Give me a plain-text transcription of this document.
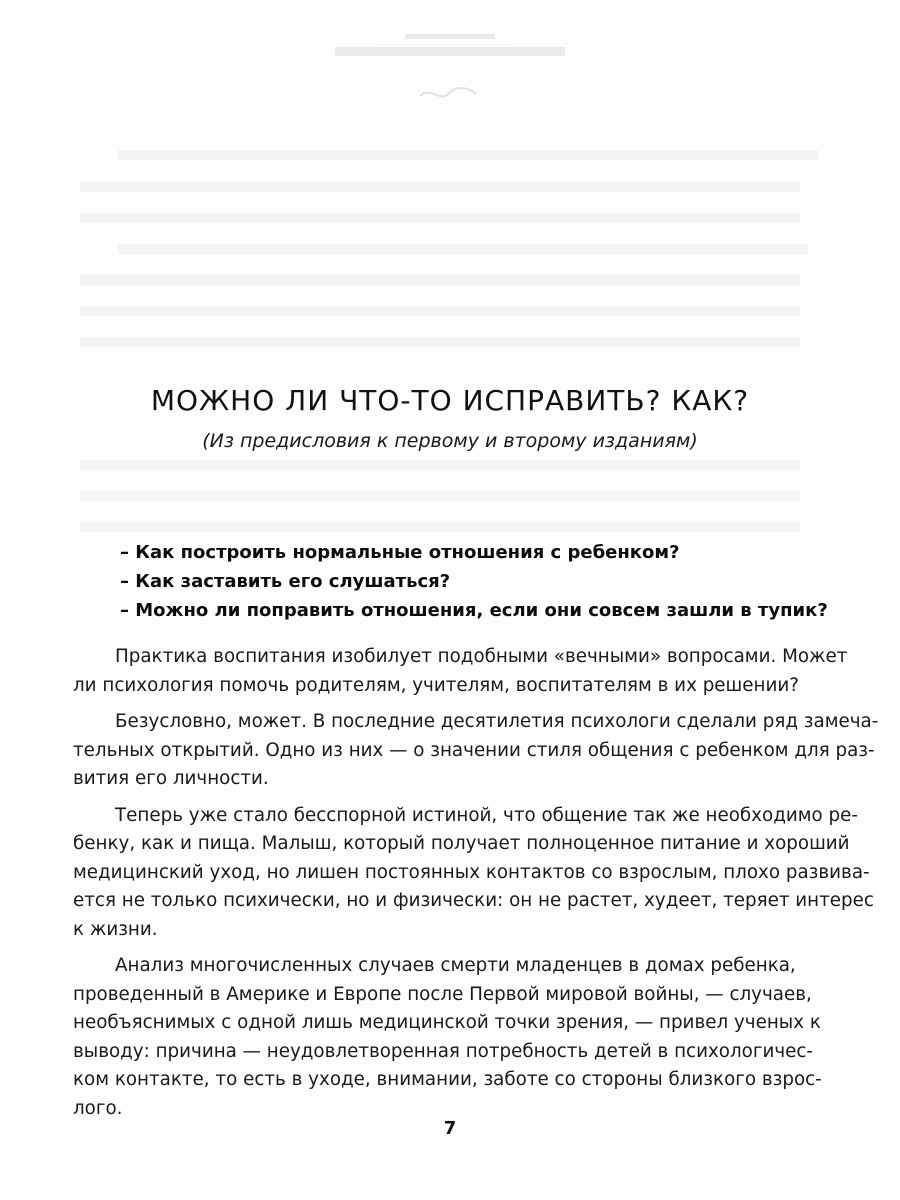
МОЖНО ЛИ ЧТО-ТО ИСПРАВИТЬ? КАК?
(Из предисловия к первому и второму изданиям)
– Как построить нормальные отношения с ребенком?
– Как заставить его слушаться?
– Можно ли поправить отношения, если они совсем зашли в тупик?
Практика воспитания изобилует подобными «вечными» вопросами. Может
ли психология помочь родителям, учителям, воспитателям в их решении?
Безусловно, может. В последние десятилетия психологи сделали ряд замеча-
тельных открытий. Одно из них — о значении стиля общения с ребенком для раз-
вития его личности.
Теперь уже стало бесспорной истиной, что общение так же необходимо ре-
бенку, как и пища. Малыш, который получает полноценное питание и хороший
медицинский уход, но лишен постоянных контактов со взрослым, плохо развива-
ется не только психически, но и физически: он не растет, худеет, теряет интерес
к жизни.
Анализ многочисленных случаев смерти младенцев в домах ребенка,
проведенный в Америке и Европе после Первой мировой войны, — случаев,
необъяснимых с одной лишь медицинской точки зрения, — привел ученых к
выводу: причина — неудовлетворенная потребность детей в психологичес-
ком контакте, то есть в уходе, внимании, заботе со стороны близкого взрос-
лого.
7
